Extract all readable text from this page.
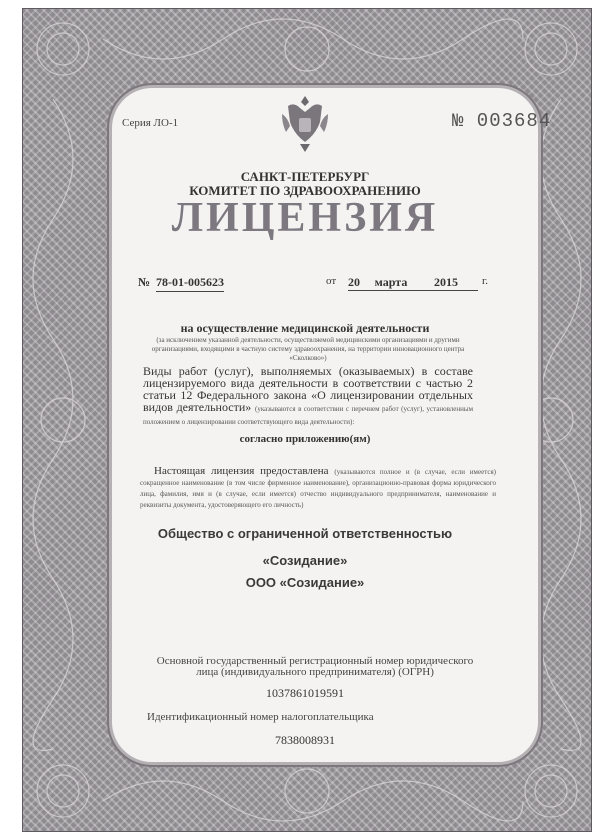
Серия ЛО-1	№ 003684

САНКТ-ПЕТЕРБУРГ

КОМИТЕТ ПО ЗДРАВООХРАНЕНИЮ

ЛИЦЕНЗИЯ

№ 78-01-005623	от 20	марта	2015	г.

на осуществление медицинской деятельности

(за исключением указанной деятельности, осуществляемой медицинскими организациями и другими организациями, входящими в частную систему здравоохранения, на территории инновационного центра «Сколково»)

Виды работ (услуг), выполняемых (оказываемых) в составе лицензируемого вида деятельности в соответствии с частью 2 статьи 12 Федерального закона «О лицензировании отдельных видов деятельности» (указываются в соответствии с перечнем работ (услуг), установленным положением о лицензировании соответствующего вида деятельности):

согласно приложению(ям)

Настоящая лицензия предоставлена (указываются полное и (в случае, если имеется) сокращенное наименование (в том числе фирменное наименование), организационно-правовая форма юридического лица, фамилия, имя и (в случае, если имеется) отчество индивидуального предпринимателя, наименование и реквизиты документа, удостоверяющего его личность)

Общество с ограниченной ответственностью

«Созидание»

ООО «Созидание»

Основной государственный регистрационный номер юридического лица (индивидуального предпринимателя) (ОГРН)

1037861019591

Идентификационный номер налогоплательщика

7838008931
